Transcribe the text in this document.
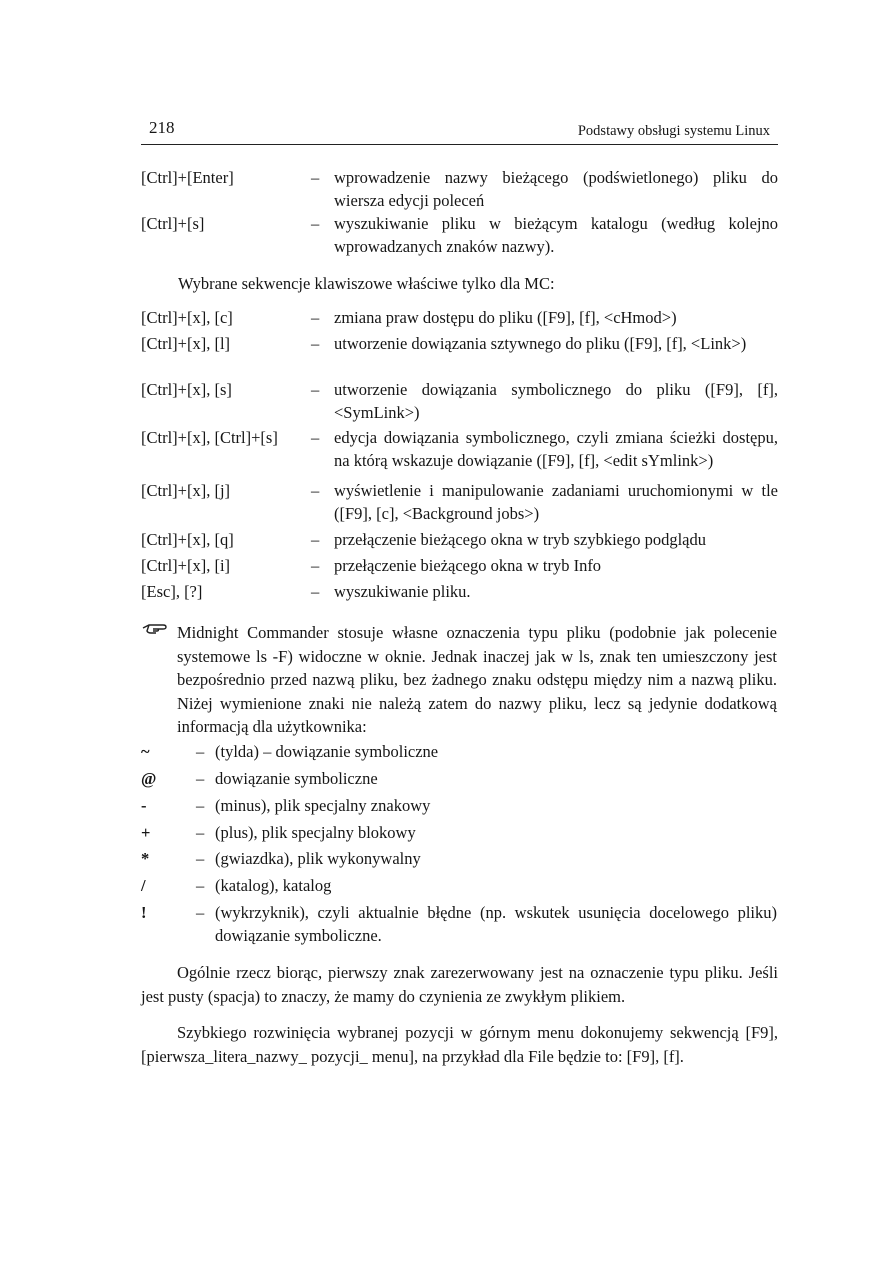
218	Podstawy obsługi systemu Linux
[Ctrl]+[Enter]	– wprowadzenie nazwy bieżącego (podświetlonego) pliku do wiersza edycji poleceń
[Ctrl]+[s]	– wyszukiwanie pliku w bieżącym katalogu (według kolejno wprowadzanych znaków nazwy).
Wybrane sekwencje klawiszowe właściwe tylko dla MC:
[Ctrl]+[x], [c]	– zmiana praw dostępu do pliku ([F9], [f], <cHmod>)
[Ctrl]+[x], [l]	– utworzenie dowiązania sztywnego do pliku ([F9], [f], <Link>)
[Ctrl]+[x], [s]	– utworzenie dowiązania symbolicznego do pliku ([F9], [f], <SymLink>)
[Ctrl]+[x], [Ctrl]+[s] – edycja dowiązania symbolicznego, czyli zmiana ścieżki dostępu, na którą wskazuje dowiązanie ([F9], [f], <edit sYmlink>)
[Ctrl]+[x], [j]	– wyświetlenie i manipulowanie zadaniami uruchomionymi w tle ([F9], [c], <Background jobs>)
[Ctrl]+[x], [q]	– przełączenie bieżącego okna w tryb szybkiego podglądu
[Ctrl]+[x], [i]	– przełączenie bieżącego okna w tryb Info
[Esc], [?]	– wyszukiwanie pliku.
Midnight Commander stosuje własne oznaczenia typu pliku (podobnie jak polecenie systemowe ls -F) widoczne w oknie. Jednak inaczej jak w ls, znak ten umieszczony jest bezpośrednio przed nazwą pliku, bez żadnego znaku odstępu między nim a nazwą pliku. Niżej wymienione znaki nie należą zatem do nazwy pliku, lecz są jedynie dodatkową informacją dla użytkownika:
~	– (tylda) – dowiązanie symboliczne
@ – dowiązanie symboliczne
-	– (minus), plik specjalny znakowy
+	– (plus), plik specjalny blokowy
*	– (gwiazdka), plik wykonywalny
/	– (katalog), katalog
!	– (wykrzyknik), czyli aktualnie błędne (np. wskutek usunięcia docelowego pliku) dowiązanie symboliczne.
Ogólnie rzecz biorąc, pierwszy znak zarezerwowany jest na oznaczenie typu pliku. Jeśli jest pusty (spacja) to znaczy, że mamy do czynienia ze zwykłym plikiem.
Szybkiego rozwinięcia wybranej pozycji w górnym menu dokonujemy sekwencją [F9], [pierwsza_litera_nazwy_ pozycji_ menu], na przykład dla File będzie to: [F9], [f].
